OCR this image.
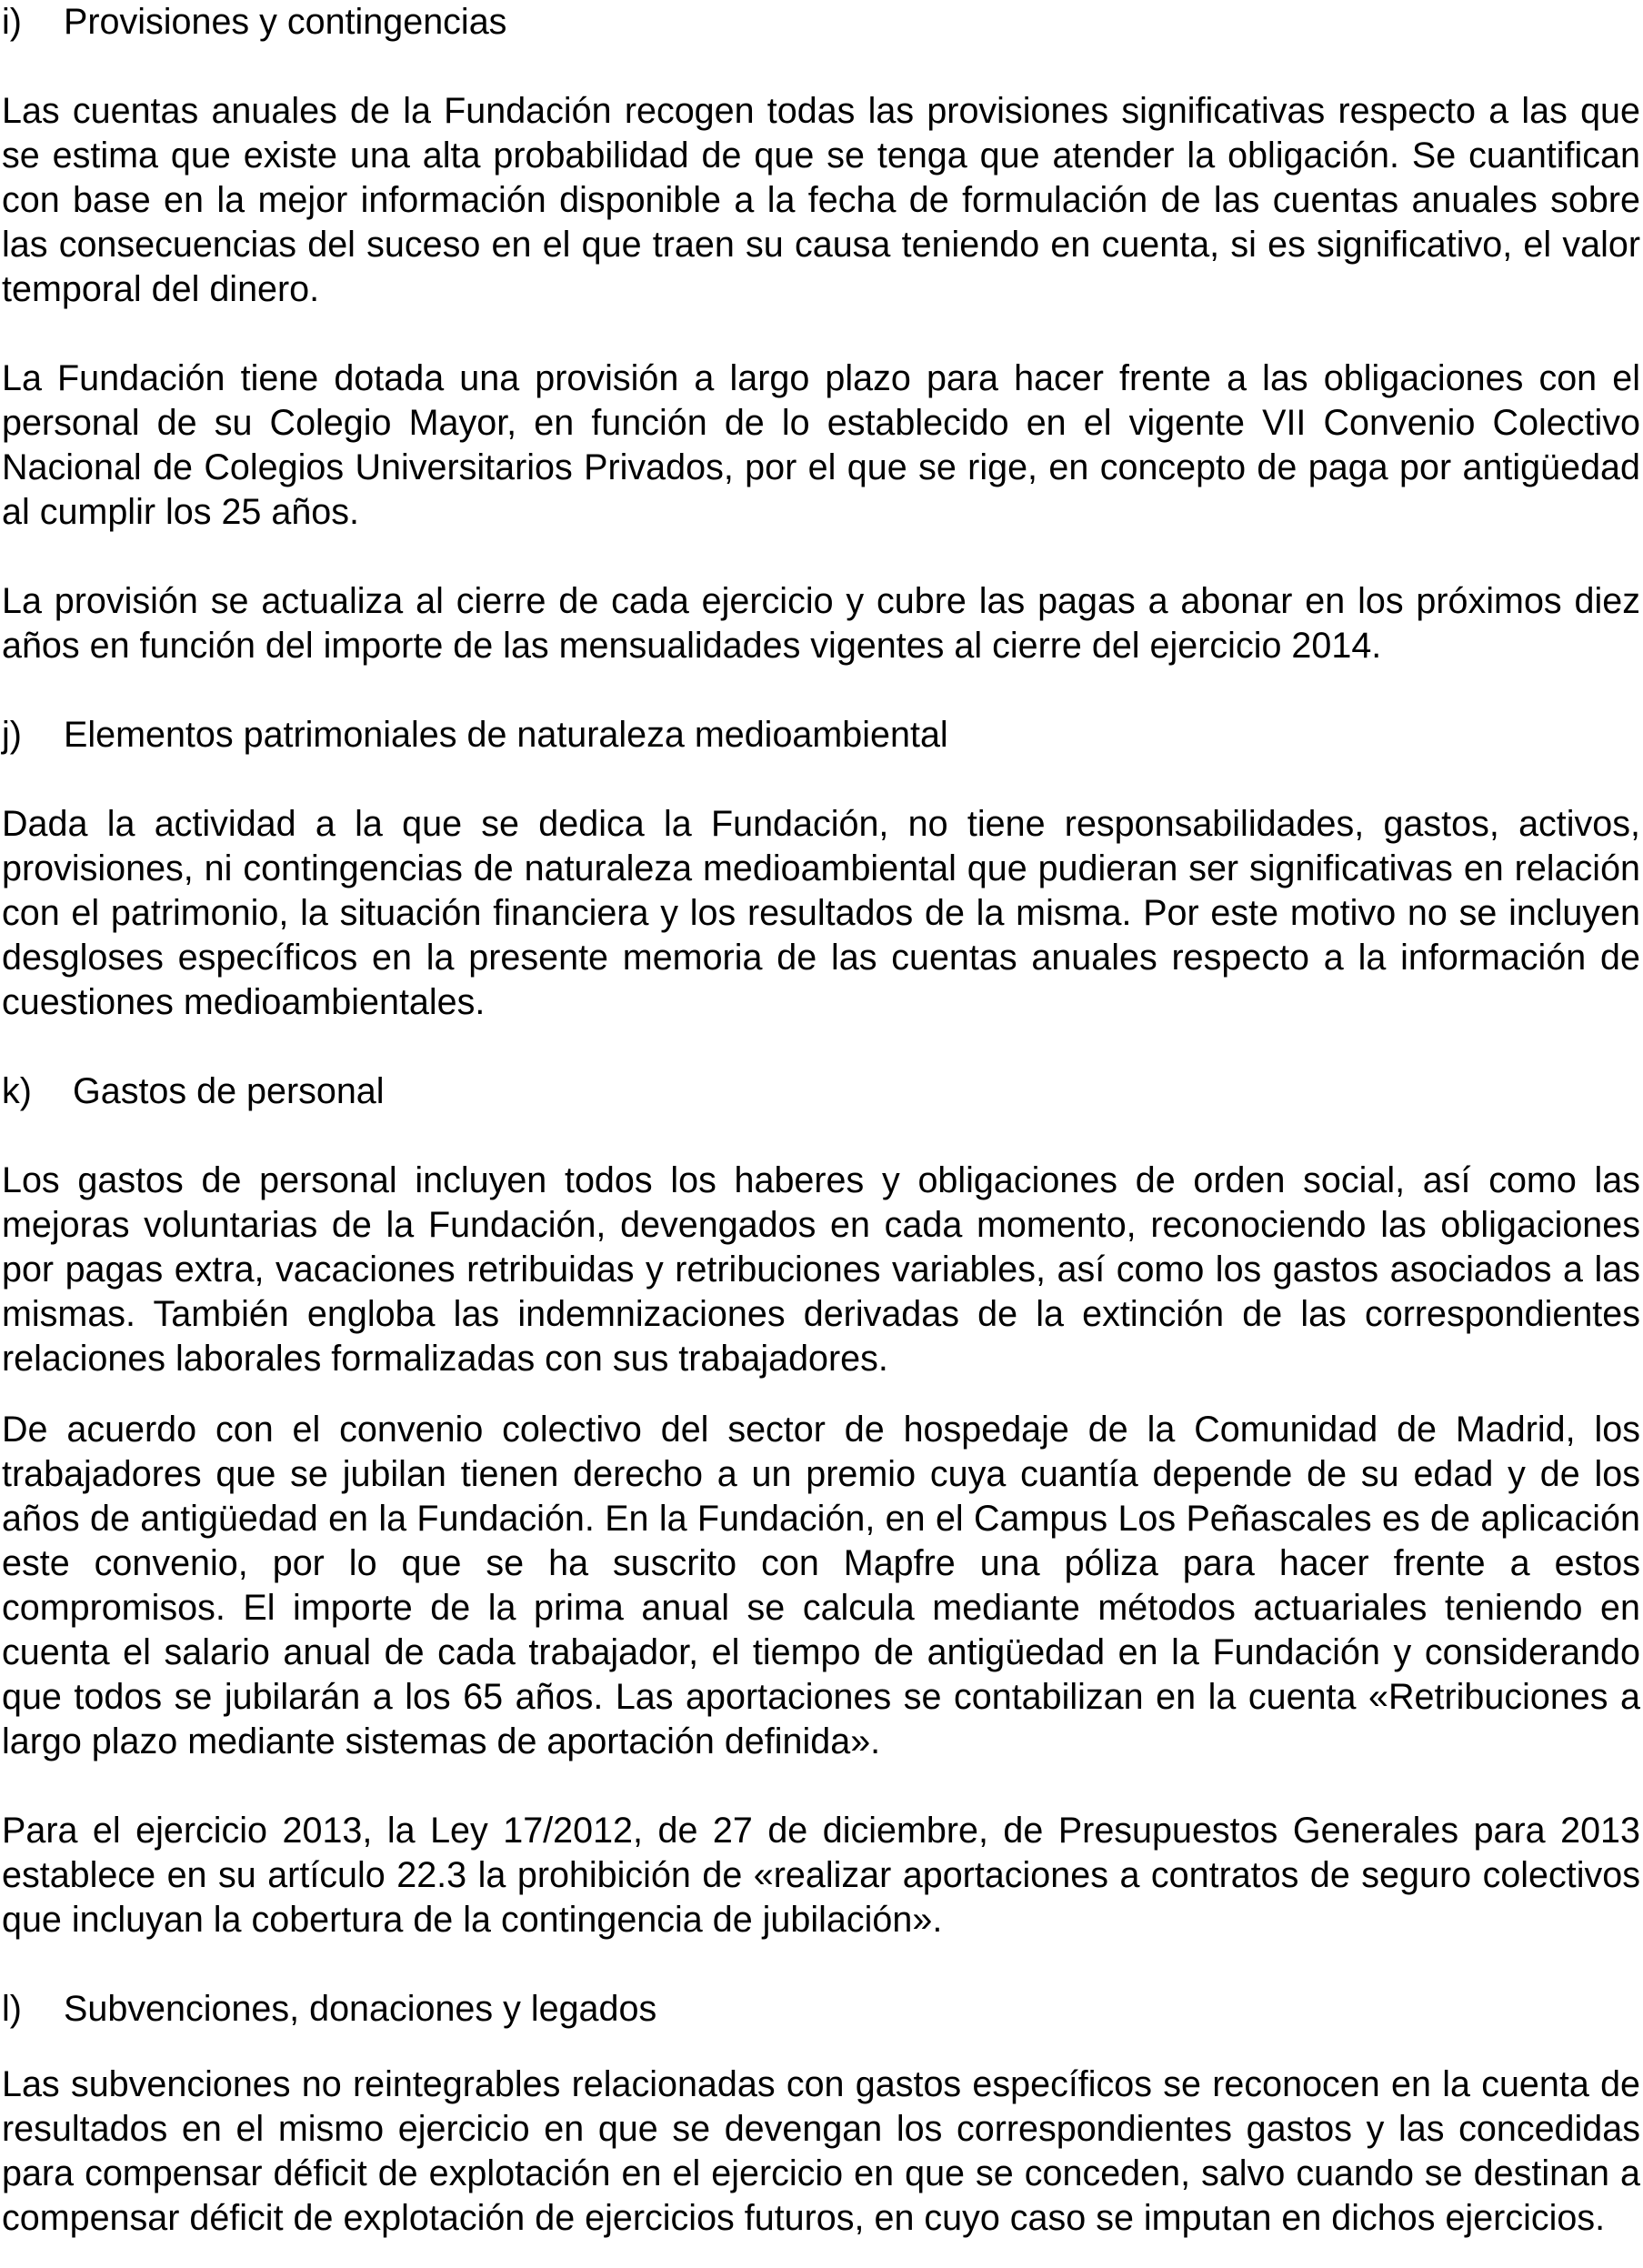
i)	Provisiones y contingencias

Las cuentas anuales de la Fundación recogen todas las provisiones significativas respecto a las que se estima que existe una alta probabilidad de que se tenga que atender la obligación. Se cuantifican con base en la mejor información disponible a la fecha de formulación de las cuentas anuales sobre las consecuencias del suceso en el que traen su causa teniendo en cuenta, si es significativo, el valor temporal del dinero.

La Fundación tiene dotada una provisión a largo plazo para hacer frente a las obligaciones con el personal de su Colegio Mayor, en función de lo establecido en el vigente VII Convenio Colectivo Nacional de Colegios Universitarios Privados, por el que se rige, en concepto de paga por antigüedad al cumplir los 25 años.

La provisión se actualiza al cierre de cada ejercicio y cubre las pagas a abonar en los próximos diez años en función del importe de las mensualidades vigentes al cierre del ejercicio 2014.

j)	Elementos patrimoniales de naturaleza medioambiental

Dada la actividad a la que se dedica la Fundación, no tiene responsabilidades, gastos, activos, provisiones, ni contingencias de naturaleza medioambiental que pudieran ser significativas en relación con el patrimonio, la situación financiera y los resultados de la misma. Por este motivo no se incluyen desgloses específicos en la presente memoria de las cuentas anuales respecto a la información de cuestiones medioambientales.

k)	Gastos de personal

Los gastos de personal incluyen todos los haberes y obligaciones de orden social, así como las mejoras voluntarias de la Fundación, devengados en cada momento, reconociendo las obligaciones por pagas extra, vacaciones retribuidas y retribuciones variables, así como los gastos asociados a las mismas. También engloba las indemnizaciones derivadas de la extinción de las correspondientes relaciones laborales formalizadas con sus trabajadores.

De acuerdo con el convenio colectivo del sector de hospedaje de la Comunidad de Madrid, los trabajadores que se jubilan tienen derecho a un premio cuya cuantía depende de su edad y de los años de antigüedad en la Fundación. En la Fundación, en el Campus Los Peñascales es de aplicación este convenio, por lo que se ha suscrito con Mapfre una póliza para hacer frente a estos compromisos. El importe de la prima anual se calcula mediante métodos actuariales teniendo en cuenta el salario anual de cada trabajador, el tiempo de antigüedad en la Fundación y considerando que todos se jubilarán a los 65 años. Las aportaciones se contabilizan en la cuenta «Retribuciones a largo plazo mediante sistemas de aportación definida».

Para el ejercicio 2013, la Ley 17/2012, de 27 de diciembre, de Presupuestos Generales para 2013 establece en su artículo 22.3 la prohibición de «realizar aportaciones a contratos de seguro colectivos que incluyan la cobertura de la contingencia de jubilación».

l)	Subvenciones, donaciones y legados

Las subvenciones no reintegrables relacionadas con gastos específicos se reconocen en la cuenta de resultados en el mismo ejercicio en que se devengan los correspondientes gastos y las concedidas para compensar déficit de explotación en el ejercicio en que se conceden, salvo cuando se destinan a compensar déficit de explotación de ejercicios futuros, en cuyo caso se imputan en dichos ejercicios.
